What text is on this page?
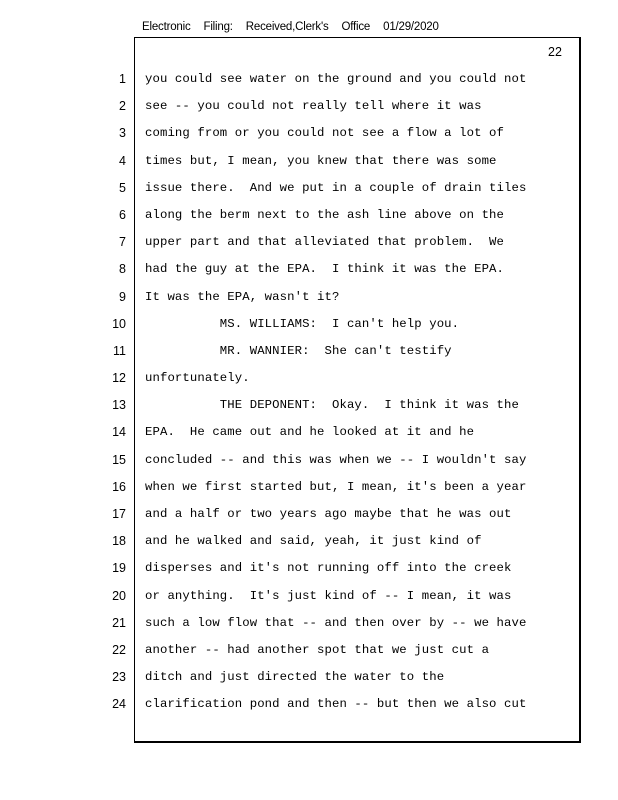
Electronic Filing: Received,Clerk's Office 01/29/2020
22
1
2
3
4
5
6
7
8
9
10
11
12
13
14
15
16
17
18
19
20
21
22
23
24
you could see water on the ground and you could not
see -- you could not really tell where it was
coming from or you could not see a flow a lot of
times but, I mean, you knew that there was some
issue there.  And we put in a couple of drain tiles
along the berm next to the ash line above on the
upper part and that alleviated that problem.  We
had the guy at the EPA.  I think it was the EPA.
It was the EPA, wasn't it?
MS. WILLIAMS:  I can't help you.
MR. WANNIER:  She can't testify
unfortunately.
THE DEPONENT:  Okay.  I think it was the
EPA.  He came out and he looked at it and he
concluded -- and this was when we -- I wouldn't say
when we first started but, I mean, it's been a year
and a half or two years ago maybe that he was out
and he walked and said, yeah, it just kind of
disperses and it's not running off into the creek
or anything.  It's just kind of -- I mean, it was
such a low flow that -- and then over by -- we have
another -- had another spot that we just cut a
ditch and just directed the water to the
clarification pond and then -- but then we also cut
